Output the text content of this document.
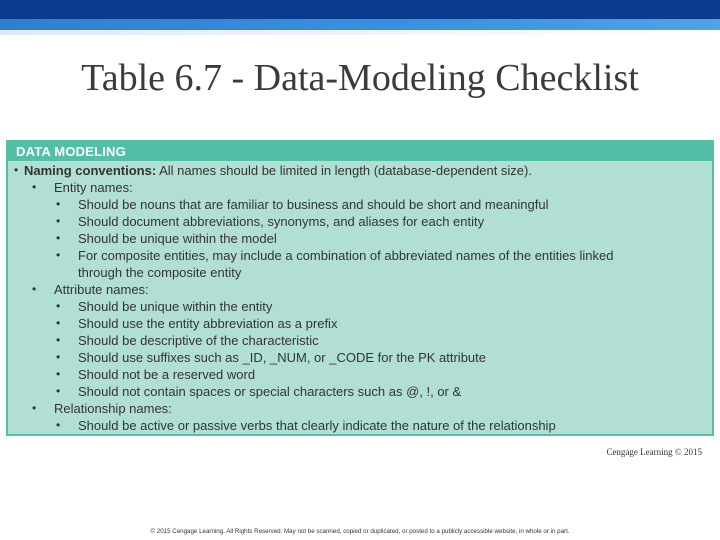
Table 6.7 - Data-Modeling Checklist
DATA MODELING
• Naming conventions: All names should be limited in length (database-dependent size).
• Entity names:
• Should be nouns that are familiar to business and should be short and meaningful
• Should document abbreviations, synonyms, and aliases for each entity
• Should be unique within the model
• For composite entities, may include a combination of abbreviated names of the entities linked through the composite entity
• Attribute names:
• Should be unique within the entity
• Should use the entity abbreviation as a prefix
• Should be descriptive of the characteristic
• Should use suffixes such as _ID, _NUM, or _CODE for the PK attribute
• Should not be a reserved word
• Should not contain spaces or special characters such as @, !, or &
• Relationship names:
• Should be active or passive verbs that clearly indicate the nature of the relationship
Cengage Learning © 2015
© 2015 Cengage Learning. All Rights Reserved. May not be scanned, copied or duplicated, or posted to a publicly accessible website, in whole or in part.
